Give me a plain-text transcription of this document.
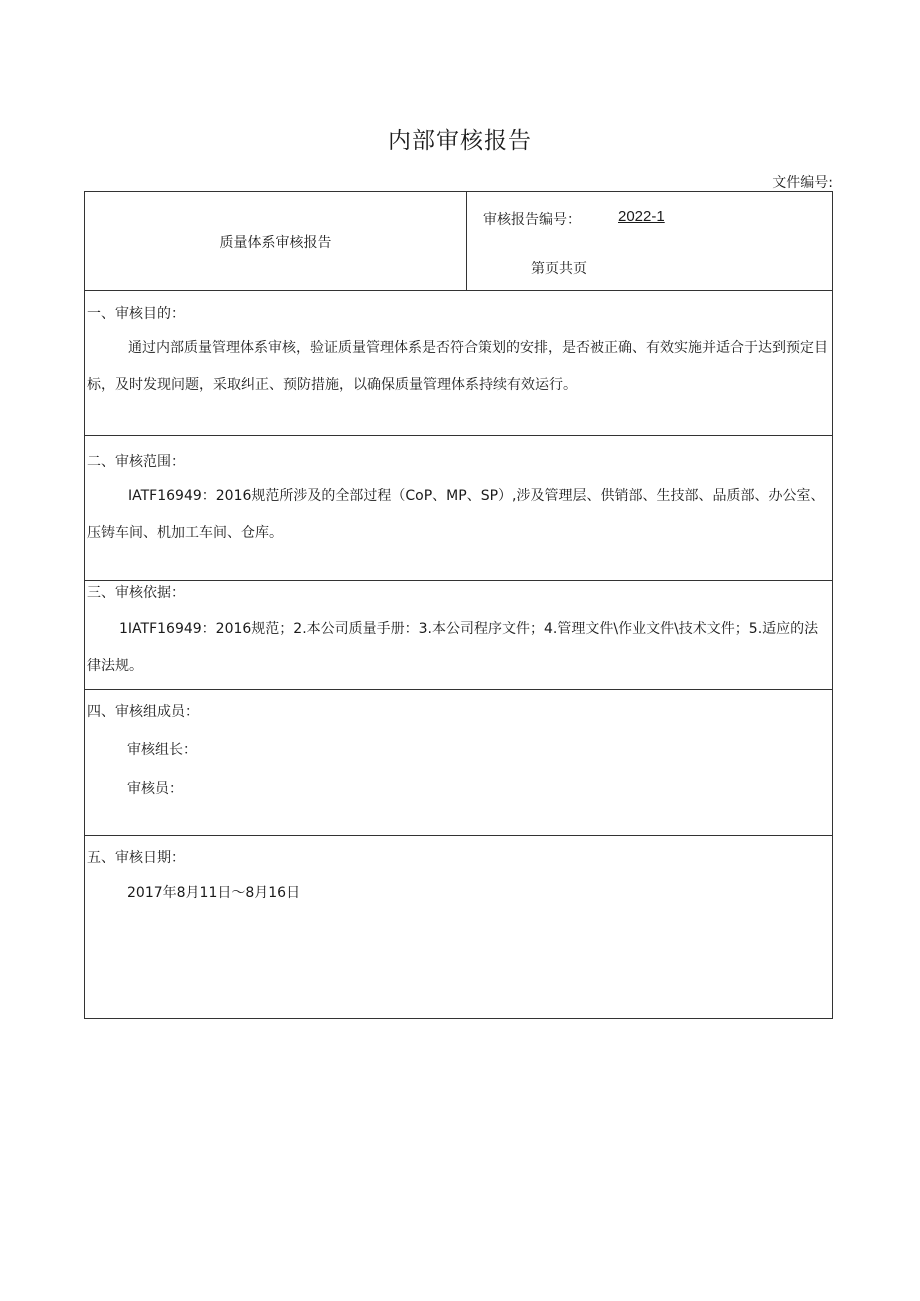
内部审核报告
文件编号:
质量体系审核报告
审核报告编号： 2022-1
第页共页
一、审核目的：
通过内部质量管理体系审核，验证质量管理体系是否符合策划的安排，是否被正确、有效实施并适合于达到预定目标，及时发现问题，采取纠正、预防措施，以确保质量管理体系持续有效运行。
二、审核范围：
IATF16949：2016规范所涉及的全部过程（CoP、MP、SP）,涉及管理层、供销部、生技部、品质部、办公室、压铸车间、机加工车间、仓库。
三、审核依据：
1IATF16949：2016规范；2.本公司质量手册：3.本公司程序文件；4.管理文件\作业文件\技术文件；5.适应的法律法规。
四、审核组成员：
审核组长：
审核员：
五、审核日期：
2017年8月11日～8月16日
